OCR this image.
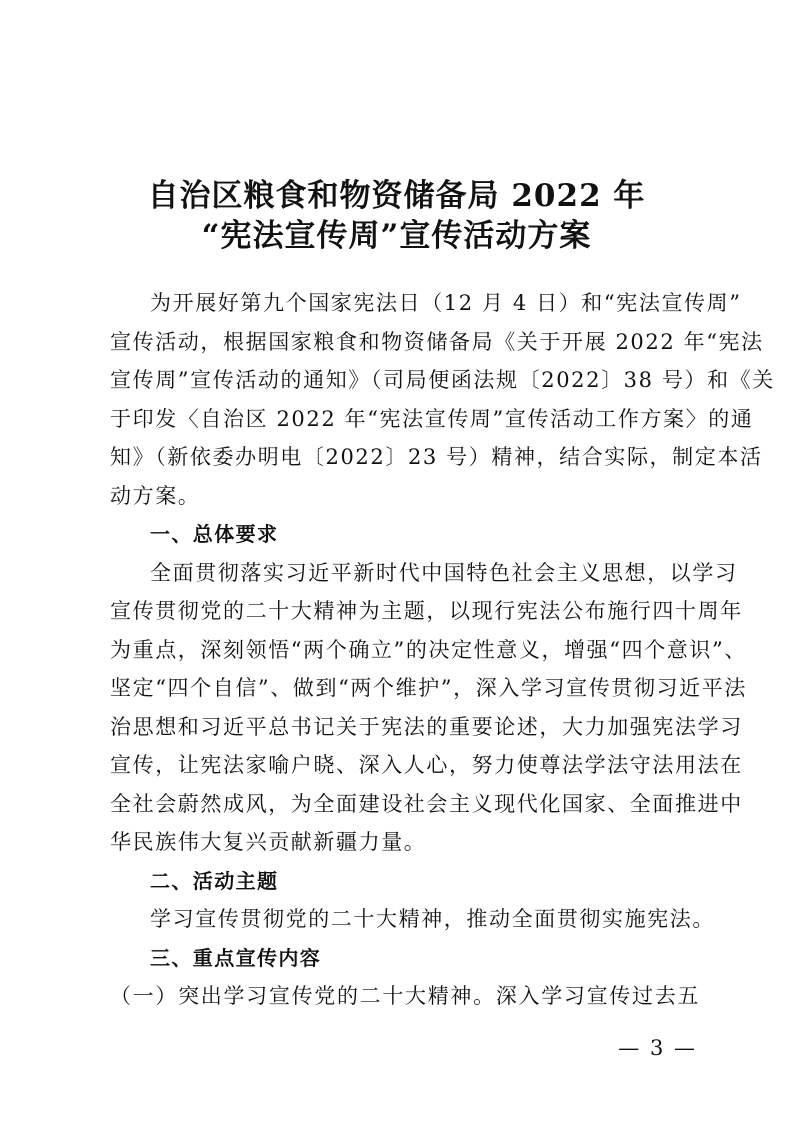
自治区粮食和物资储备局 2022 年
“宪法宣传周”宣传活动方案
为开展好第九个国家宪法日（12 月 4 日）和“宪法宣传周”
宣传活动，根据国家粮食和物资储备局《关于开展 2022 年“宪法
宣传周”宣传活动的通知》（司局便函法规〔2022〕38 号）和《关
于印发〈自治区 2022 年“宪法宣传周”宣传活动工作方案〉的通
知》（新依委办明电〔2022〕23 号）精神，结合实际，制定本活
动方案。
一、总体要求
全面贯彻落实习近平新时代中国特色社会主义思想，以学习
宣传贯彻党的二十大精神为主题，以现行宪法公布施行四十周年
为重点，深刻领悟“两个确立”的决定性意义，增强“四个意识”、
坚定“四个自信”、做到“两个维护”，深入学习宣传贯彻习近平法
治思想和习近平总书记关于宪法的重要论述，大力加强宪法学习
宣传，让宪法家喻户晓、深入人心，努力使尊法学法守法用法在
全社会蔚然成风，为全面建设社会主义现代化国家、全面推进中
华民族伟大复兴贡献新疆力量。
二、活动主题
学习宣传贯彻党的二十大精神，推动全面贯彻实施宪法。
三、重点宣传内容
（一）突出学习宣传党的二十大精神。深入学习宣传过去五
— 3 —
